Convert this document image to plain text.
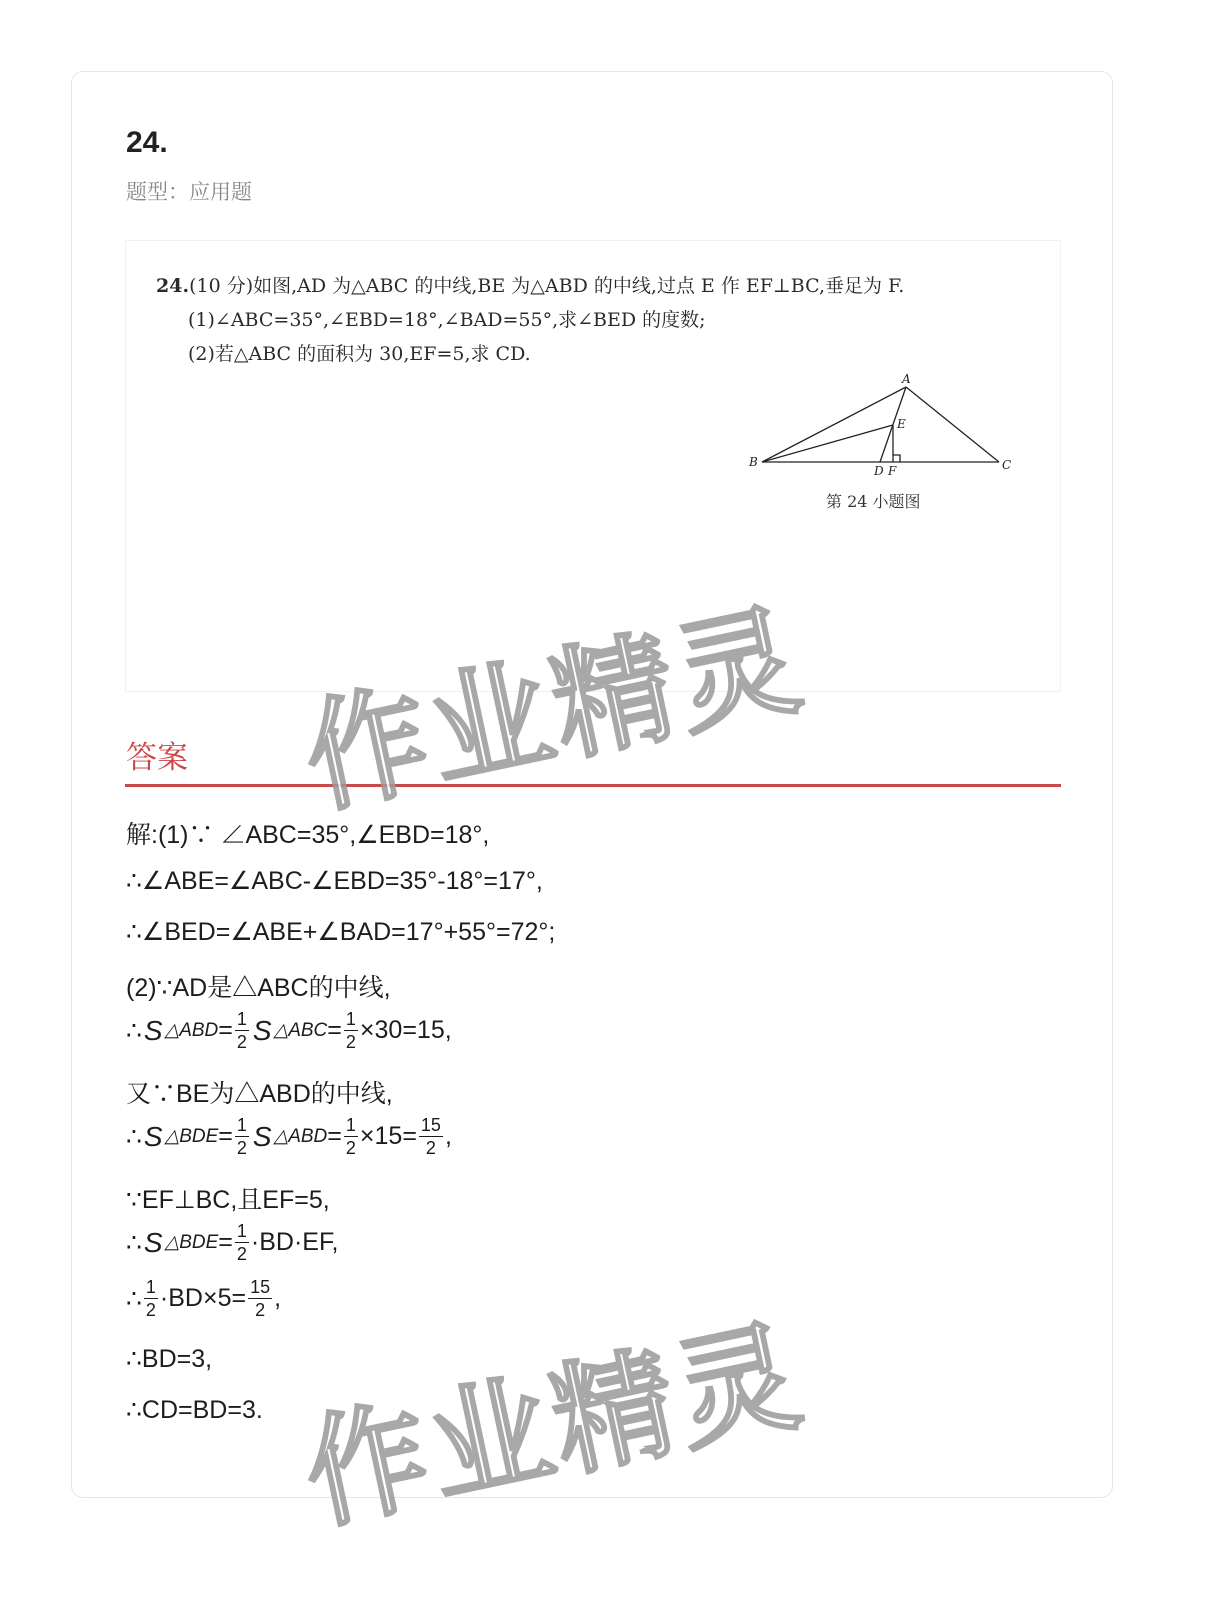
24.
题型：应用题
24.(10 分)如图,AD 为△ABC 的中线,BE 为△ABD 的中线,过点 E 作 EF⊥BC,垂足为 F.
(1)∠ABC=35°,∠EBD=18°,∠BAD=55°,求∠BED 的度数;
(2)若△ABC 的面积为 30,EF=5,求 CD.
A
B	C
D
E
F
第 24 小题图
答案
解:(1)∵ ∠ABC=35°,∠EBD=18°,
∴∠ABE=∠ABC-∠EBD=35°-18°=17°,
∴∠BED=∠ABE+∠BAD=17°+55°=72°;
(2)∵AD是△ABC的中线,
∴ S △ABD = $\frac{1}{2}$ S △ABC = $\frac{1}{2} \times 30=15$,
又∵BE为△ABD的中线,
∴ S △BDE = $\frac{1}{2}$ S △ABD = $\frac{1}{2} \times 15= \frac{15}{2}$ ,
∵EF⊥BC,且EF=5,
∴ S △BDE = $\frac{1}{2} \cdot BD\cdot EF$,
∴ $\frac{1}{2} \cdot BD\times 5= \frac{15}{2}$ ,
∴BD=3,
∴CD=BD=3.
作业精灵
作业精灵
